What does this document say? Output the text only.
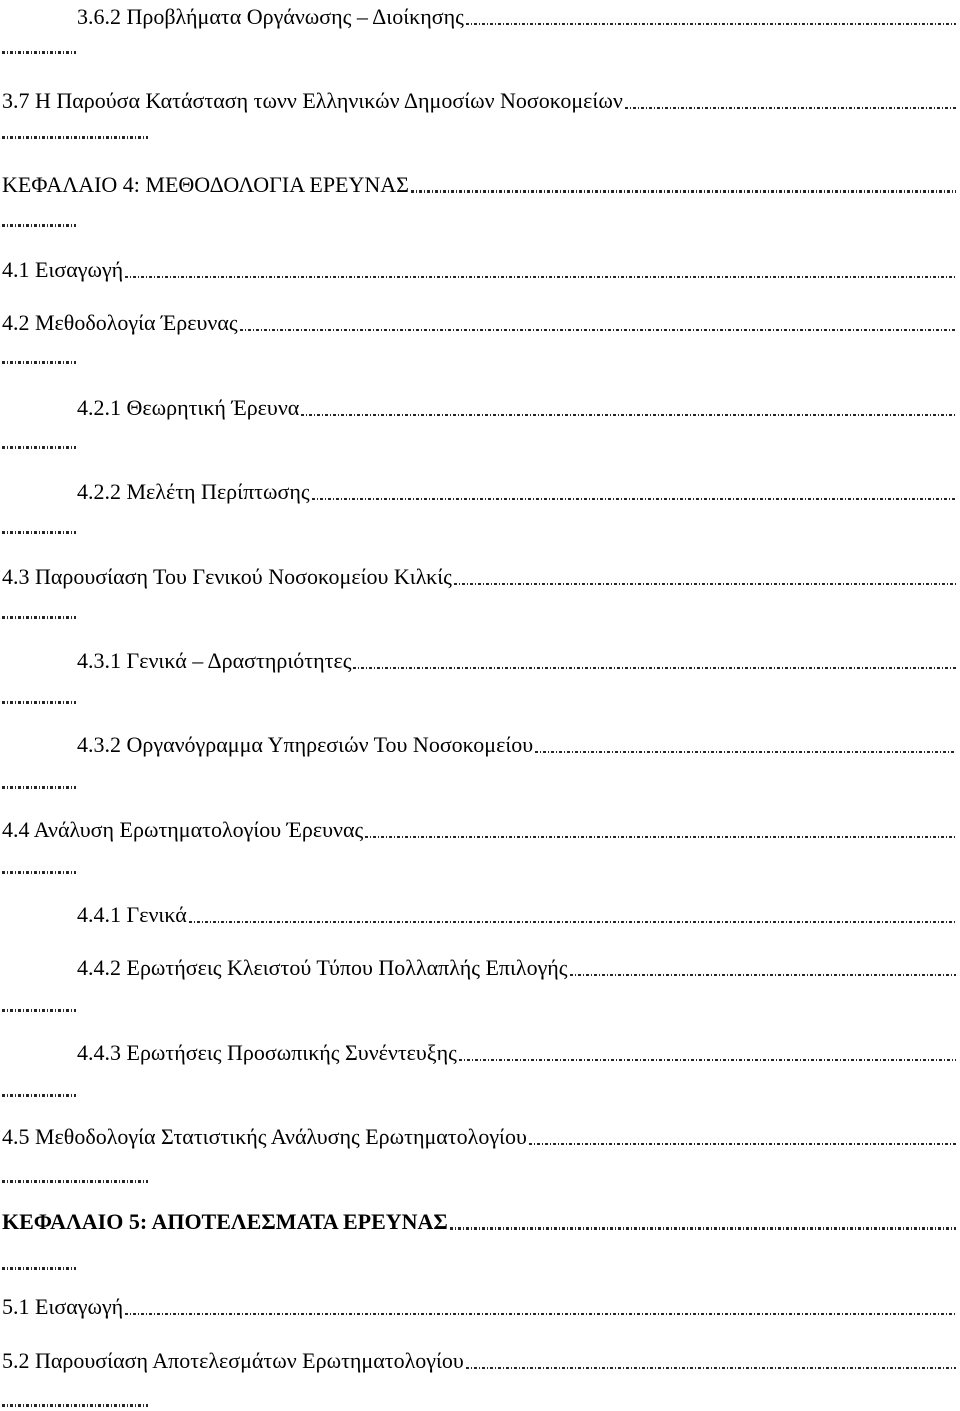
3.6.2 Προβλήματα Οργάνωσης – Διοίκησης
3.7 Η Παρούσα Κατάσταση τωνν Ελληνικών Δημοσίων Νοσοκομείων
ΚΕΦΑΛΑΙΟ 4: ΜΕΘΟΔΟΛΟΓΙΑ ΕΡΕΥΝΑΣ
4.1 Εισαγωγή
4.2 Μεθοδολογία Έρευνας
4.2.1 Θεωρητική Έρευνα
4.2.2 Μελέτη Περίπτωσης
4.3 Παρουσίαση Του Γενικού Νοσοκομείου Κιλκίς
4.3.1 Γενικά – Δραστηριότητες
4.3.2 Οργανόγραμμα Υπηρεσιών Του Νοσοκομείου
4.4 Ανάλυση Ερωτηματολογίου Έρευνας
4.4.1 Γενικά
4.4.2 Ερωτήσεις Κλειστού Τύπου Πολλαπλής Επιλογής
4.4.3 Ερωτήσεις Προσωπικής Συνέντευξης
4.5 Μεθοδολογία Στατιστικής Ανάλυσης Ερωτηματολογίου
ΚΕΦΑΛΑΙΟ 5: ΑΠΟΤΕΛΕΣΜΑΤΑ ΕΡΕΥΝΑΣ
5.1 Εισαγωγή
5.2 Παρουσίαση Αποτελεσμάτων Ερωτηματολογίου
